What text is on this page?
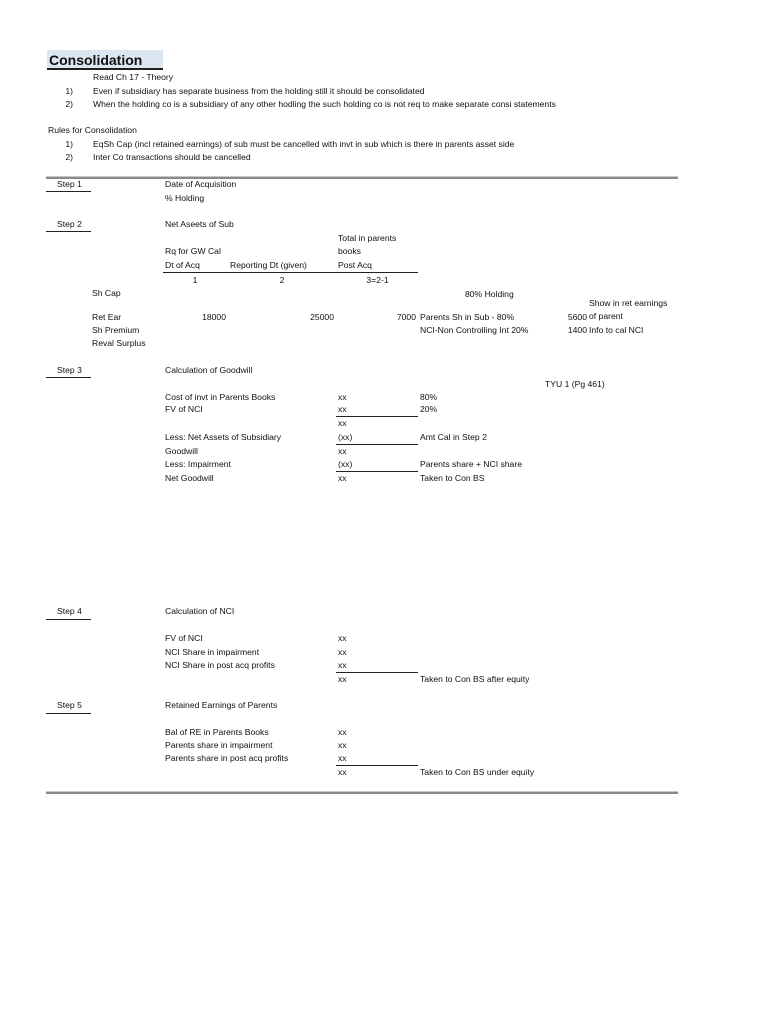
Consolidation
Read Ch 17 - Theory
1) Even if subsidiary has separate business from the holding still it should be consolidated
2) When the holding co is a subsidiary of any other hodling the such holding co is not req to make separate consi statements
Rules for Consolidation
1) EqSh Cap (incl retained earnings) of sub must be cancelled with invt in sub which is there in parents asset side
2) Inter Co transactions should be cancelled
Step 1	Date of Acquisition
% Holding
Step 2	Net Aseets of Sub
Total in parents
books
Rq for GW Cal
Dt of Acq	Reporting Dt (given)	Post Acq
1	2	3=2-1
Sh Cap	80% Holding
Show in ret earnings
of parent
Ret Ear	18000	25000	7000 Parents Sh in Sub - 80%	5600
Sh Premium	NCI-Non Controlling Int 20%	1400 Info to cal NCI
Reval Surplus
Step 3	Calculation of Goodwill
TYU 1 (Pg 461)
Cost of invt in Parents Books	xx	80%
FV of NCI	xx	20%
xx
Less: Net Assets of Subsidiary	(xx)	Amt Cal in Step 2
Goodwill	xx
Less: Impairment	(xx)	Parents share + NCI share
Net Goodwill	xx	Taken to Con BS
Step 4	Calculation of NCI
FV of NCI	xx
NCI Share in impairment	xx
NCI Share in post acq profits	xx
xx	Taken to Con BS after equity
Step 5	Retained Earnings of Parents
Bal of RE in Parents Books	xx
Parents share in impairment	xx
Parents share in post acq profits	xx
xx	Taken to Con BS under equity
